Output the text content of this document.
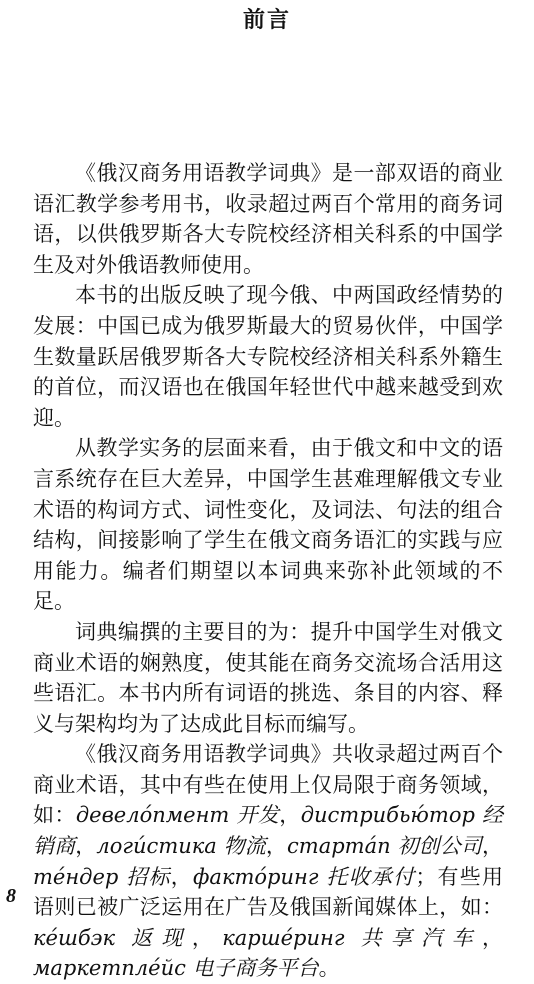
前言

《俄汉商务用语教学词典》是一部双语的商业语汇教学参考用书，收录超过两百个常用的商务词语，以供俄罗斯各大专院校经济相关科系的中国学生及对外俄语教师使用。

本书的出版反映了现今俄、中两国政经情势的发展：中国已成为俄罗斯最大的贸易伙伴，中国学生数量跃居俄罗斯各大专院校经济相关科系外籍生的首位，而汉语也在俄国年轻世代中越来越受到欢迎。

从教学实务的层面来看，由于俄文和中文的语言系统存在巨大差异，中国学生甚难理解俄文专业术语的构词方式、词性变化，及词法、句法的组合结构，间接影响了学生在俄文商务语汇的实践与应用能力。编者们期望以本词典来弥补此领域的不足。

词典编撰的主要目的为：提升中国学生对俄文商业术语的娴熟度，使其能在商务交流场合活用这些语汇。本书内所有词语的挑选、条目的内容、释义与架构均为了达成此目标而编写。

《俄汉商务用语教学词典》共收录超过两百个商业术语，其中有些在使用上仅局限于商务领域，如：девело́пмент 开发，дистрибью́тор 经销商，логи́стика 物流，старта́п 初创公司，те́ндер 招标，факто́ринг 托收承付；有些用语则已被广泛运用在广告及俄国新闻媒体上，如：ке́шбэк 返现，карше́ринг 共享汽车，маркетпле́йс 电子商务平台。

8
